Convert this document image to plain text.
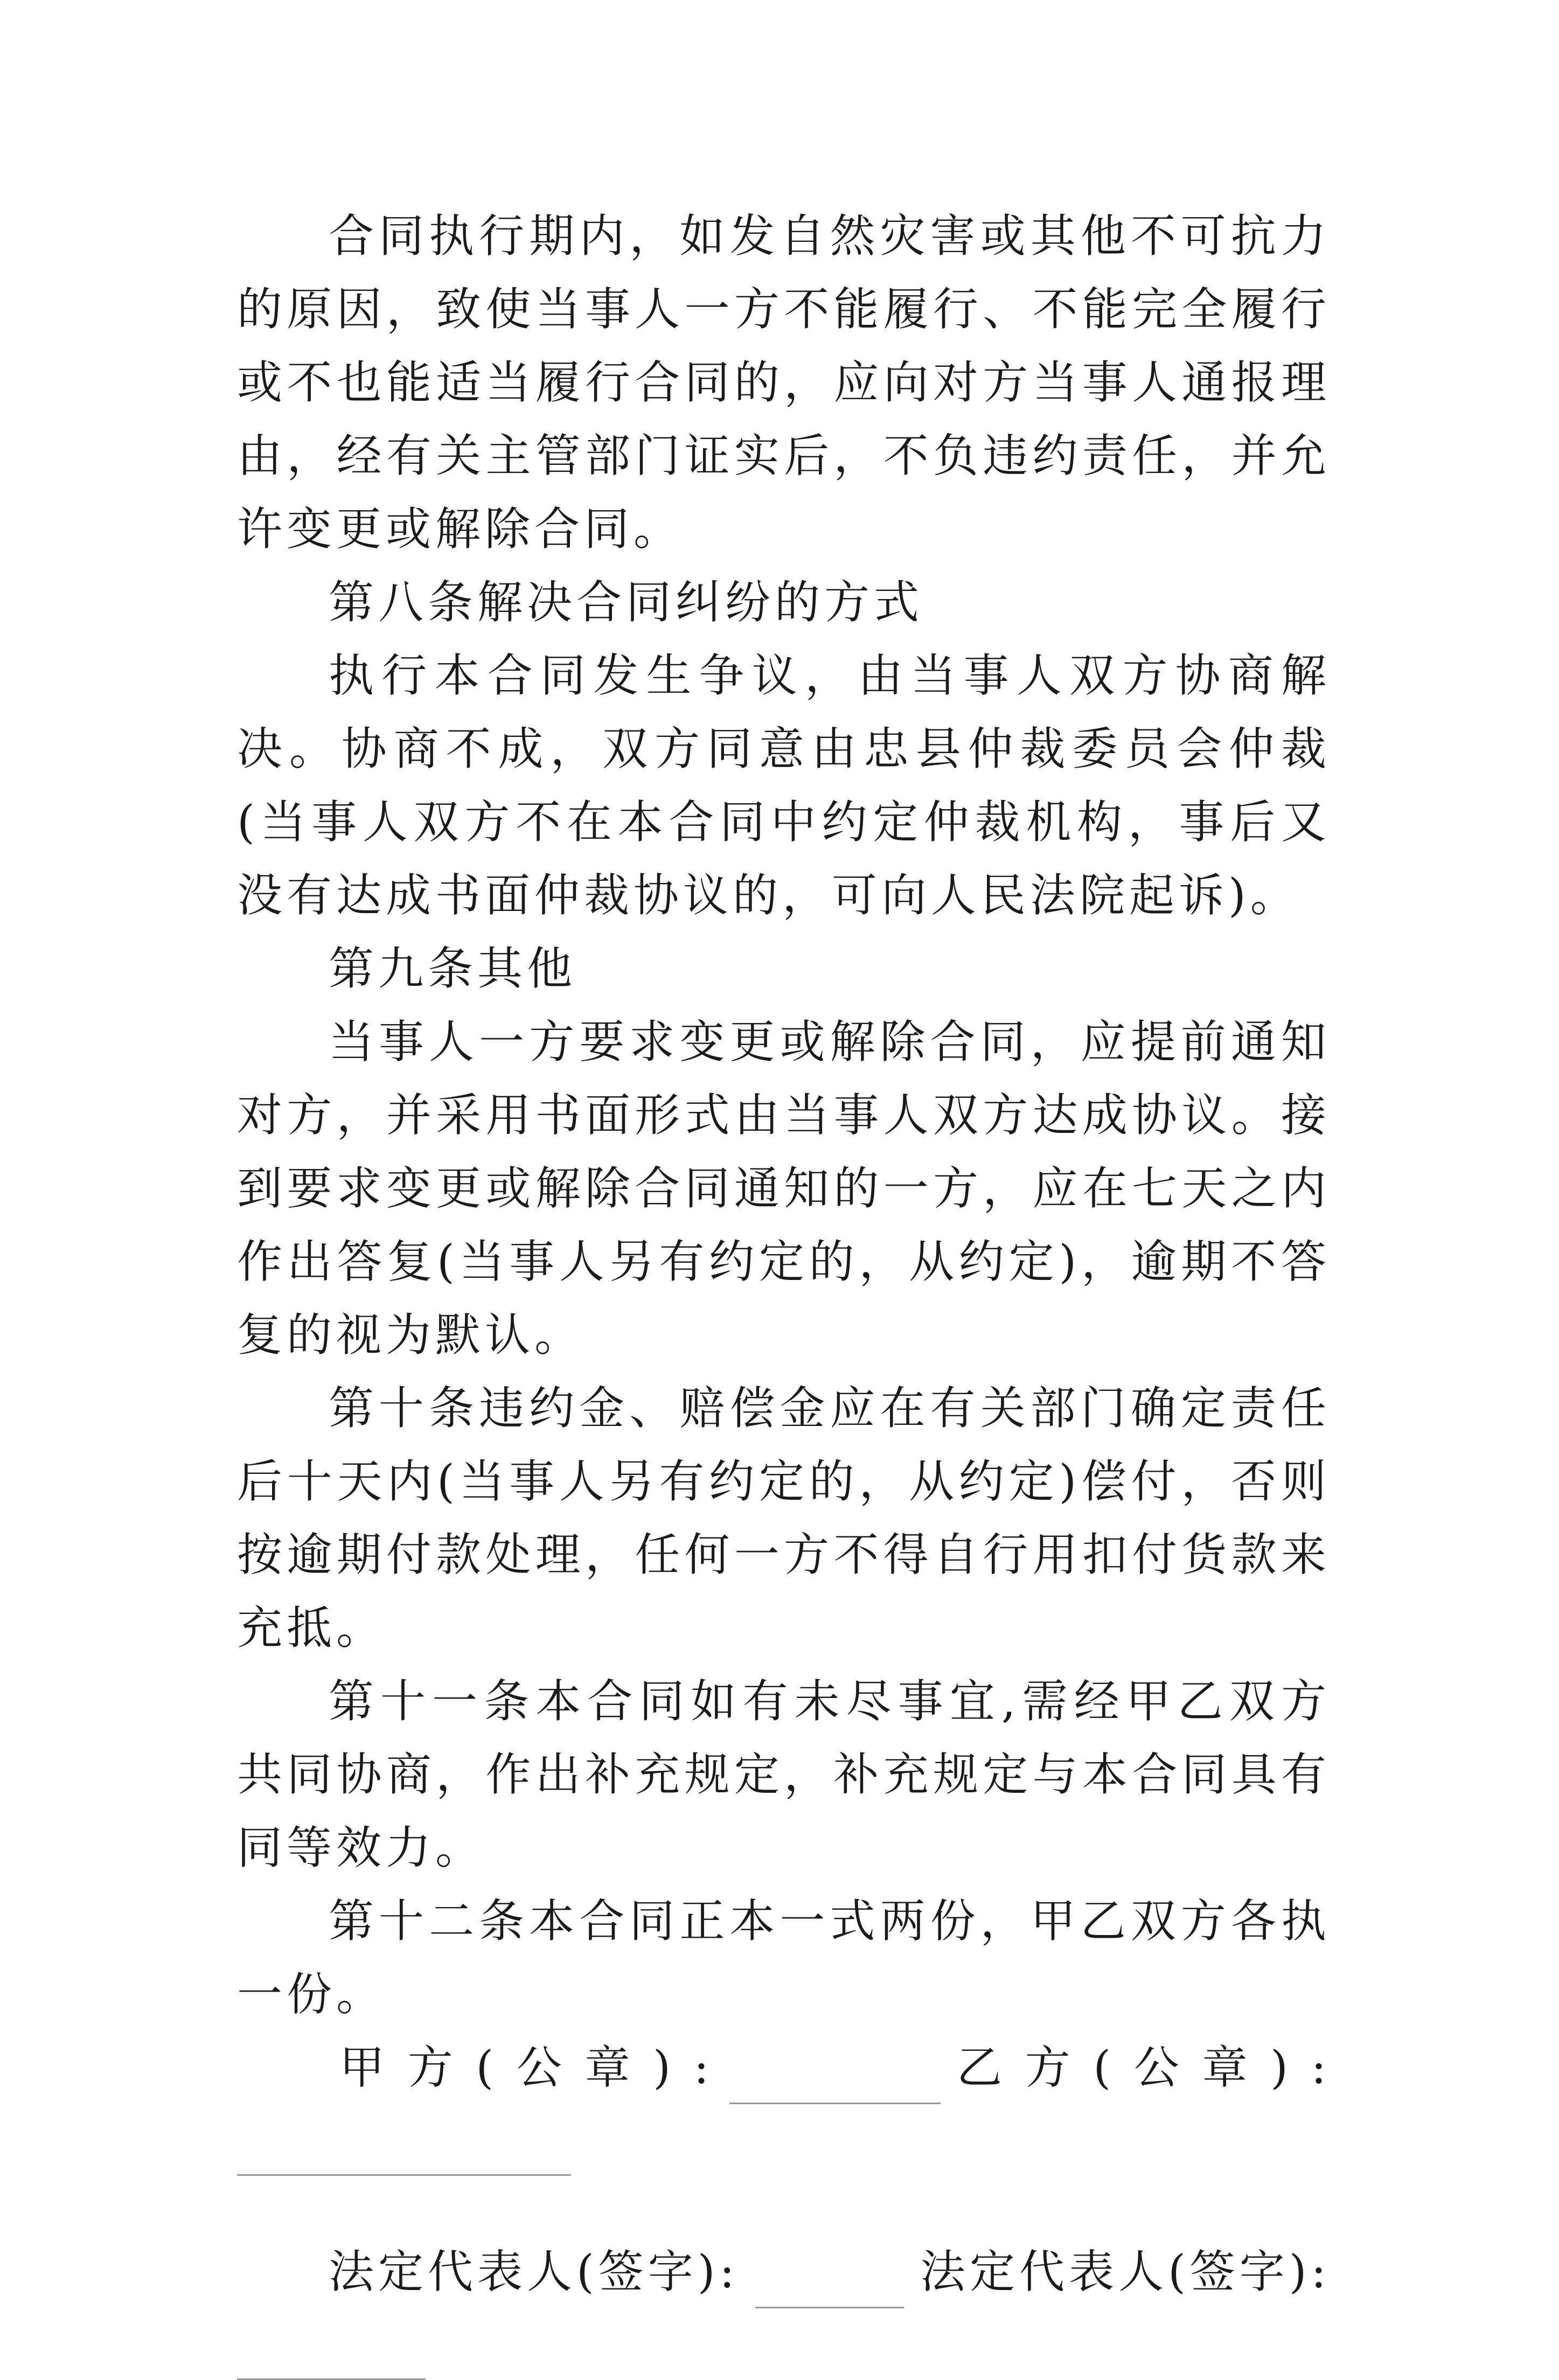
合同执行期内，如发自然灾害或其他不可抗力的原因，致使当事人一方不能履行、不能完全履行或不也能适当履行合同的，应向对方当事人通报理由，经有关主管部门证实后，不负违约责任，并允许变更或解除合同。

第八条解决合同纠纷的方式

执行本合同发生争议，由当事人双方协商解决。协商不成，双方同意由忠县仲裁委员会仲裁(当事人双方不在本合同中约定仲裁机构，事后又没有达成书面仲裁协议的，可向人民法院起诉)。

第九条其他

当事人一方要求变更或解除合同，应提前通知对方，并采用书面形式由当事人双方达成协议。接到要求变更或解除合同通知的一方，应在七天之内作出答复(当事人另有约定的，从约定)，逾期不答复的视为默认。

第十条违约金、赔偿金应在有关部门确定责任后十天内(当事人另有约定的，从约定)偿付，否则按逾期付款处理，任何一方不得自行用扣付货款来充抵。

第十一条本合同如有未尽事宜,需经甲乙双方共同协商，作出补充规定，补充规定与本合同具有同等效力。

第十二条本合同正本一式两份，甲乙双方各执一份。

甲 方 ( 公 章 ) :	乙 方 ( 公 章 ) :
法定代表人(签字):	法定代表人(签字):
